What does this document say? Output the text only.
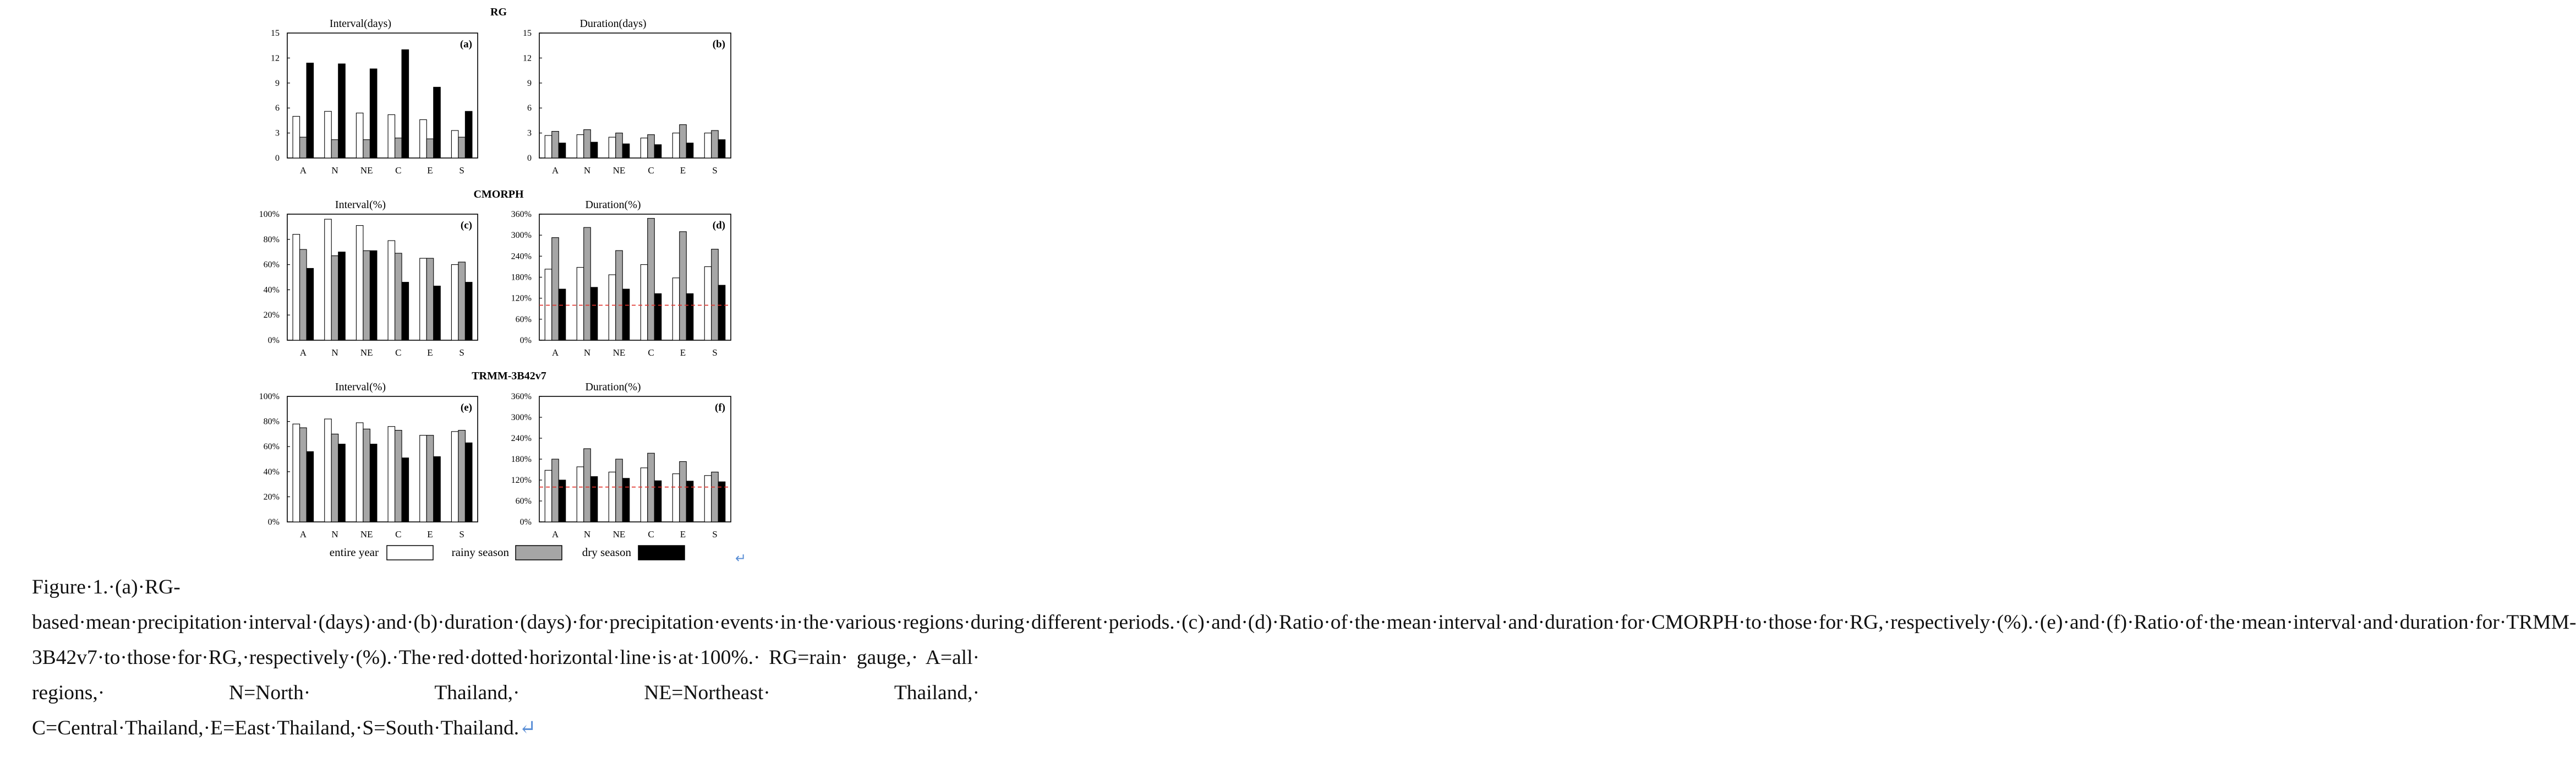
RG
CMORPH
TRMM-3B42v7
Interval(days)
(a)
0
3
6
9
12
15
A	N NE C	E	S
Duration(days)
(b)
0
3
6
9
12
15
A	N NE C	E	S
Interval(%)
(c)
0%
20%
40%
60%
80%
100%
A	N NE C	E	S
Duration(%)
(d)
0%
60%
120%
180%
240%
300%
360%
A	N NE C	E	S
Interval(%)
(e)
0%
20%
40%
60%
80%
100%
A	N NE C	E	S
Duration(%)
(f)
0%
60%
120%
180%
240%
300%
360%
A	N NE C	E	S
entire year	rainy season	dry season	↵

Figure·1.·(a)·RG-based·mean·precipitation·interval·(days)·and·(b)·duration·(days)·for·precipitation·events·in·the·various·regions·during·different·periods.·(c)·and·(d)·Ratio·of·the·mean·interval·and·duration·for·CMORPH·to·those·for·RG,·respectively·(%).·(e)·and·(f)·Ratio·of·the·mean·interval·and·duration·for·TRMM-3B42v7·to·those·for·RG,·respectively·(%).·The·red·dotted·horizontal·line·is·at·100%.· RG=rain· gauge,· A=all· regions,· N=North· Thailand,· NE=Northeast· Thailand,· C=Central·Thailand,·E=East·Thailand,·S=South·Thailand.↵
